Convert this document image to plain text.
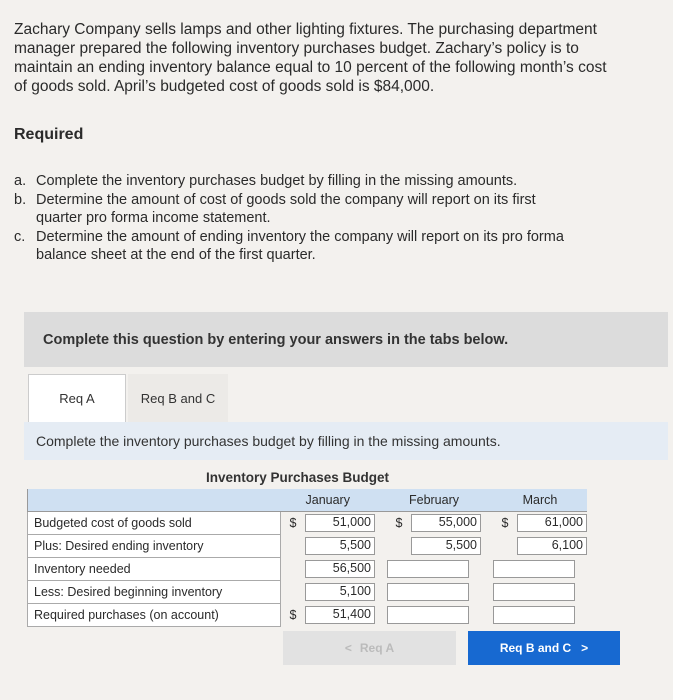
Zachary Company sells lamps and other lighting fixtures. The purchasing department

manager prepared the following inventory purchases budget. Zachary’s policy is to

maintain an ending inventory balance equal to 10 percent of the following month’s cost

of goods sold. April’s budgeted cost of goods sold is $84,000.

Required
a. Complete the inventory purchases budget by filling in the missing amounts.
b. Determine the amount of cost of goods sold the company will report on its first
quarter pro forma income statement.
c. Determine the amount of ending inventory the company will report on its pro forma
balance sheet at the end of the first quarter.
Complete this question by entering your answers in the tabs below.
Req A	Req B and C
Complete the inventory purchases budget by filling in the missing amounts.
Inventory Purchases Budget
	January			February			March	
Budgeted cost of goods sold	$	51,000		$	55,000		$	61,000

Plus: Desired ending inventory		5,500			5,500			6,100

Inventory needed		56,500						

Less: Desired beginning inventory		5,100						

Required purchases (on account)	$	51,400						

< Req A	Req B and C >
